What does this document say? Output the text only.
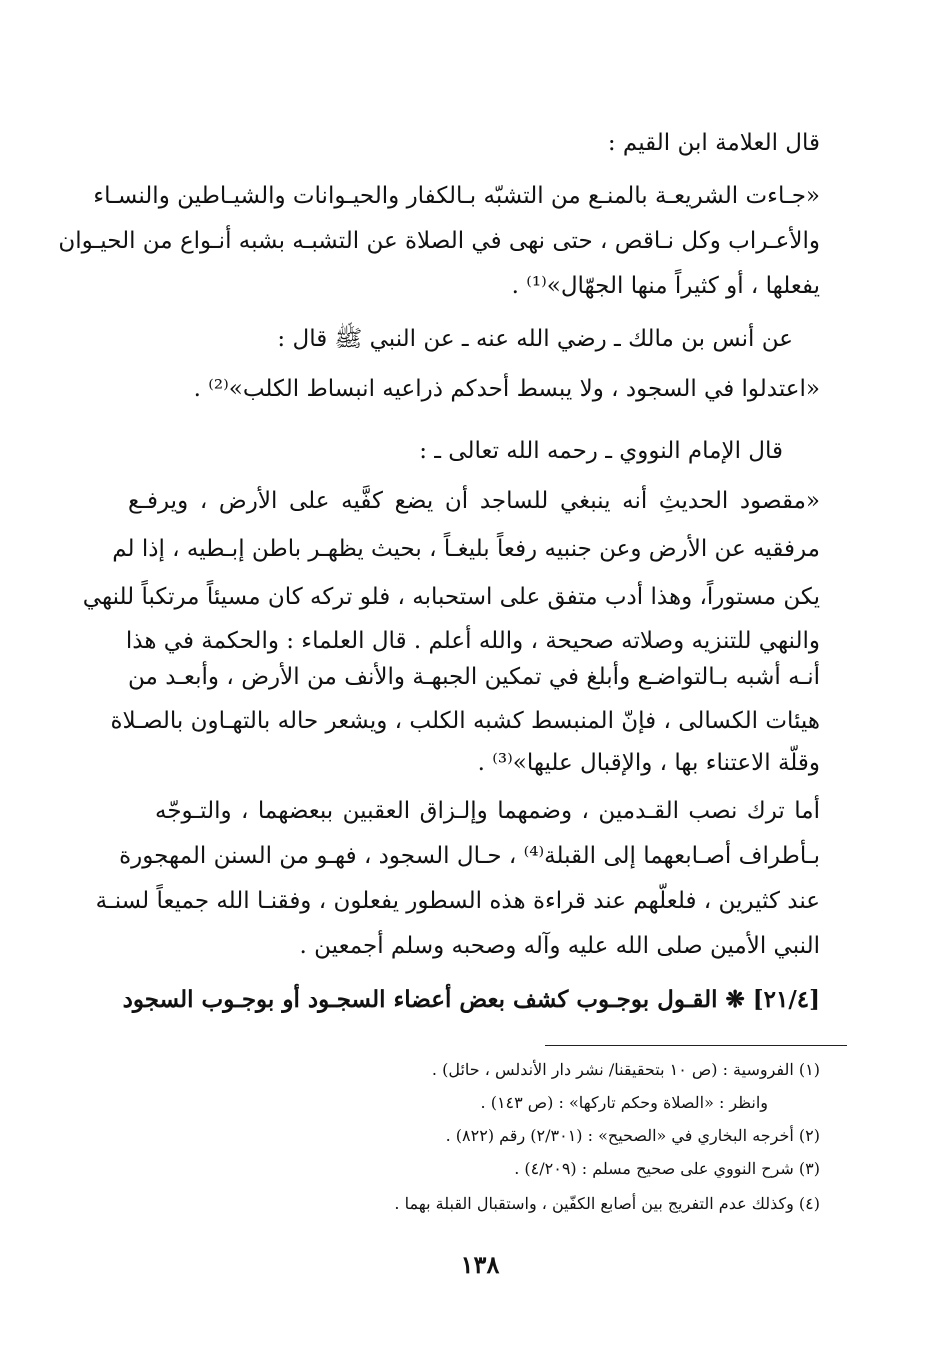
قال العلامة ابن القيم :
«جـاءت الشريعـة بالمنـع من التشبّه بـالكفار والحيـوانات والشيـاطين والنسـاء
والأعـراب وكل نـاقص ، حتى نهى في الصلاة عن التشبـه بشبه أنـواع من الحيـوان
يفعلها ، أو كثيراً منها الجهّال»⁽¹⁾ .
عن أنس بن مالك ـ رضي الله عنه ـ عن النبي ﷺ قال :
«اعتدلوا في السجود ، ولا يبسط أحدكم ذراعيه انبساط الكلب»⁽²⁾ .
قال الإمام النووي ـ رحمه الله تعالى ـ :
«مقصود الحديثِ أنه ينبغي للساجد أن يضع كفَّيه على الأرض ، ويرفـع
مرفقيه عن الأرض وعن جنبيه رفعاً بليغـاً ، بحيث يظهـر باطن إبـطيه ، إذا لم
يكن مستوراً، وهذا أدب متفق على استحبابه ، فلو تركه كان مسيئاً مرتكباً للنهي
والنهي للتنزيه وصلاته صحيحة ، والله أعلم . قال العلماء : والحكمة في هذا
أنـه أشبه بـالتواضـع وأبلغ في تمكين الجبهـة والأنف من الأرض ، وأبعـد من
هيئات الكسالى ، فإنّ المنبسط كشبه الكلب ، ويشعر حاله بالتهـاون بالصـلاة
وقلّة الاعتناء بها ، والإقبال عليها»⁽³⁾ .
أما ترك نصب القـدمين ، وضمهما وإلـزاق العقبين ببعضهما ، والتـوجّه
بـأطراف أصـابعهما إلى القبلة⁽⁴⁾ ، حـال السجود ، فهـو من السنن المهجورة
عند كثيرين ، فلعلّهم عند قراءة هذه السطور يفعلون ، وفقنـا الله جميعاً لسنـة
النبي الأمين صلى الله عليه وآله وصحبه وسلم أجمعين .
[٢١/٤] ❋ القـول بوجـوب كشف بعض أعضاء السجـود أو بوجـوب السجود
(١) الفروسية : (ص ١٠ بتحقيقنا/ نشر دار الأندلس ، حائل) .
وانظر : «الصلاة وحكم تاركها» : (ص ١٤٣) .
(٢) أخرجه البخاري في «الصحيح» : (٢/٣٠١) رقم (٨٢٢) .
(٣) شرح النووي على صحيح مسلم : (٤/٢٠٩) .
(٤) وكذلك عدم التفريج بين أصابع الكفّين ، واستقبال القبلة بهما .
١٣٨
